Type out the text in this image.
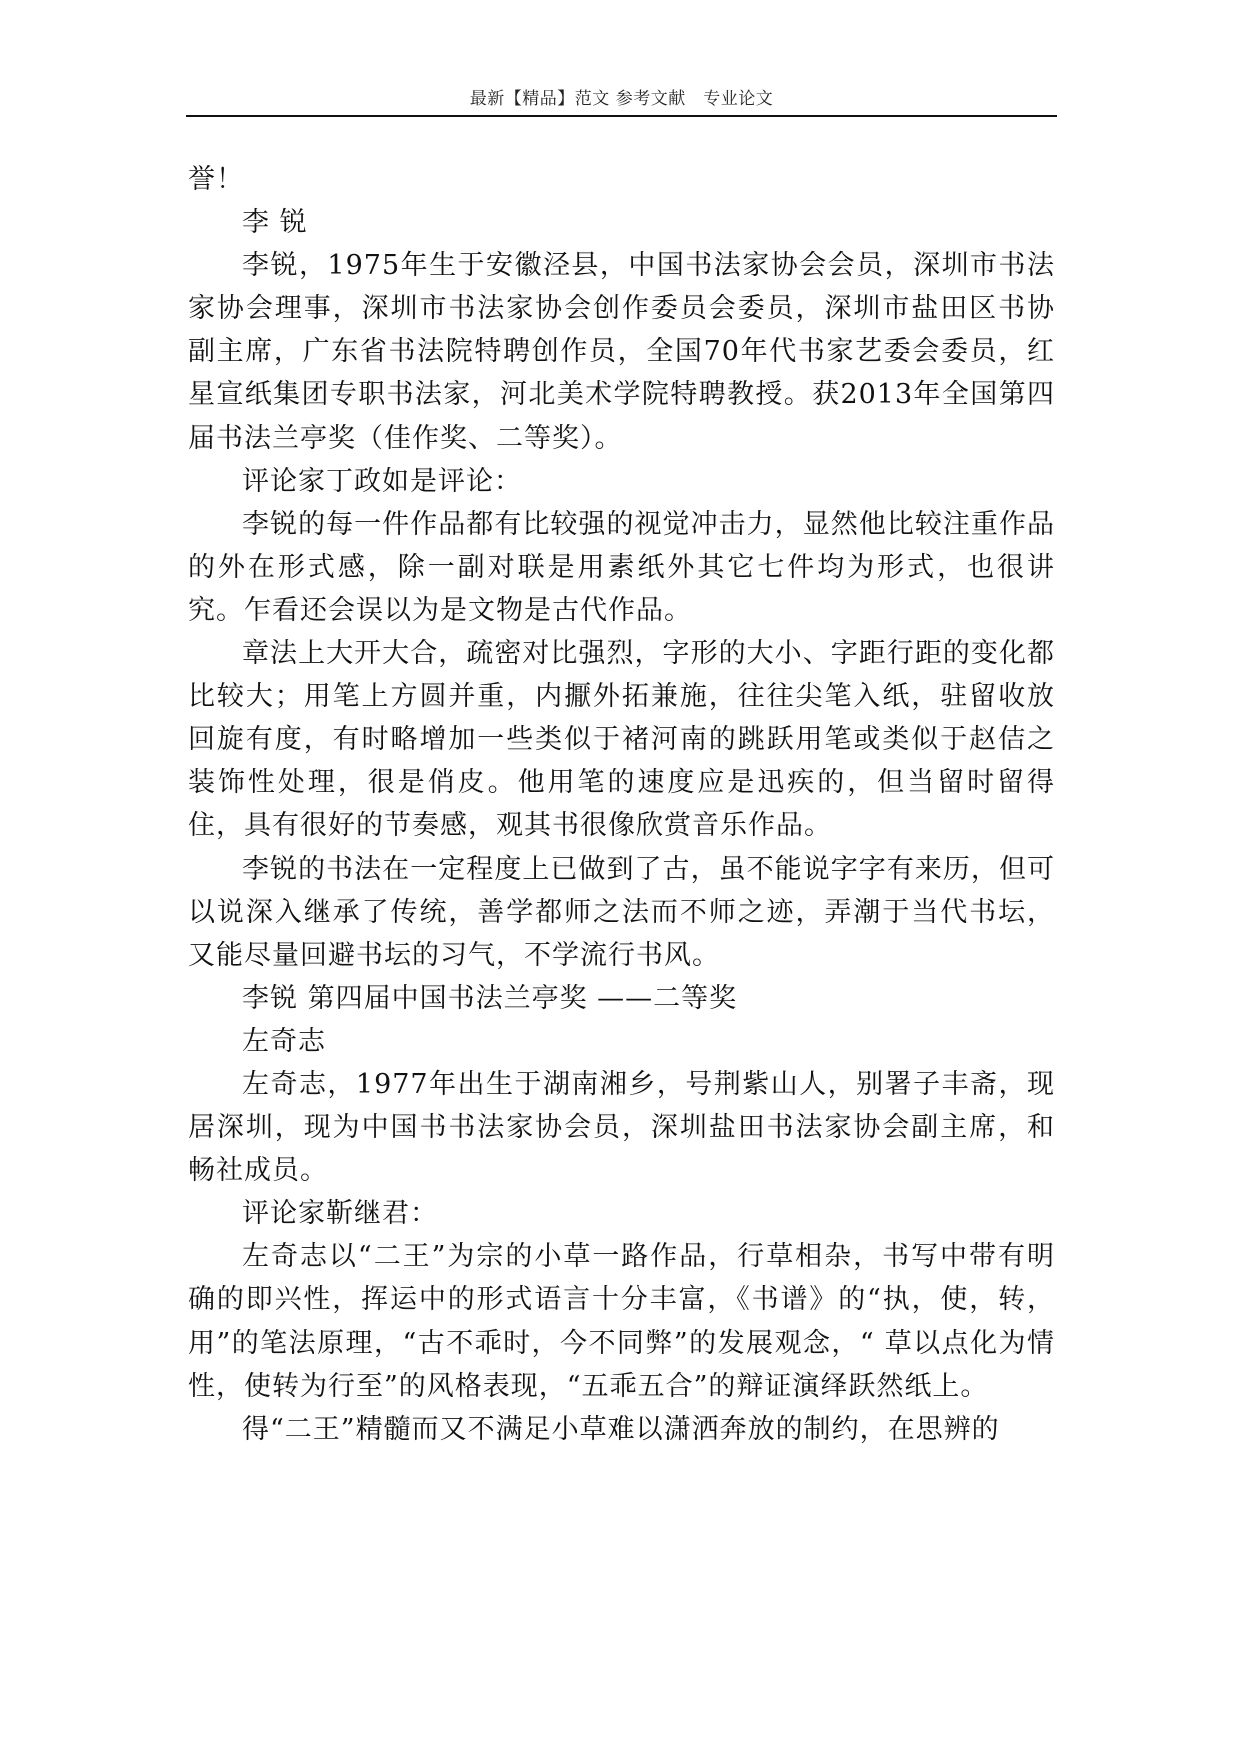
最新【精品】范文 参考文献　专业论文

誉！

李 锐

李锐，1975年生于安徽泾县，中国书法家协会会员，深圳市书法家协会理事，深圳市书法家协会创作委员会委员，深圳市盐田区书协副主席，广东省书法院特聘创作员，全国70年代书家艺委会委员，红星宣纸集团专职书法家，河北美术学院特聘教授。获2013年全国第四届书法兰亭奖（佳作奖、二等奖）。

评论家丁政如是评论：

李锐的每一件作品都有比较强的视觉冲击力，显然他比较注重作品的外在形式感，除一副对联是用素纸外其它七件均为形式，也很讲究。乍看还会误以为是文物是古代作品。

章法上大开大合，疏密对比强烈，字形的大小、字距行距的变化都比较大；用笔上方圆并重，内擫外拓兼施，往往尖笔入纸，驻留收放回旋有度，有时略增加一些类似于褚河南的跳跃用笔或类似于赵佶之装饰性处理，很是俏皮。他用笔的速度应是迅疾的，但当留时留得住，具有很好的节奏感，观其书很像欣赏音乐作品。

李锐的书法在一定程度上已做到了古，虽不能说字字有来历，但可以说深入继承了传统，善学都师之法而不师之迹，弄潮于当代书坛，又能尽量回避书坛的习气，不学流行书风。

李锐 第四届中国书法兰亭奖 ——二等奖

左奇志

左奇志，1977年出生于湖南湘乡，号荆紫山人，别署子丰斋，现居深圳，现为中国书书法家协会员，深圳盐田书法家协会副主席，和畅社成员。

评论家靳继君：

左奇志以“二王”为宗的小草一路作品，行草相杂，书写中带有明确的即兴性，挥运中的形式语言十分丰富，《书谱》的“执，使，转，用”的笔法原理，“古不乖时，今不同弊”的发展观念，“ 草以点化为情性，使转为行至”的风格表现，“五乖五合”的辩证演绎跃然纸上。

得“二王”精髓而又不满足小草难以潇洒奔放的制约，在思辨的
